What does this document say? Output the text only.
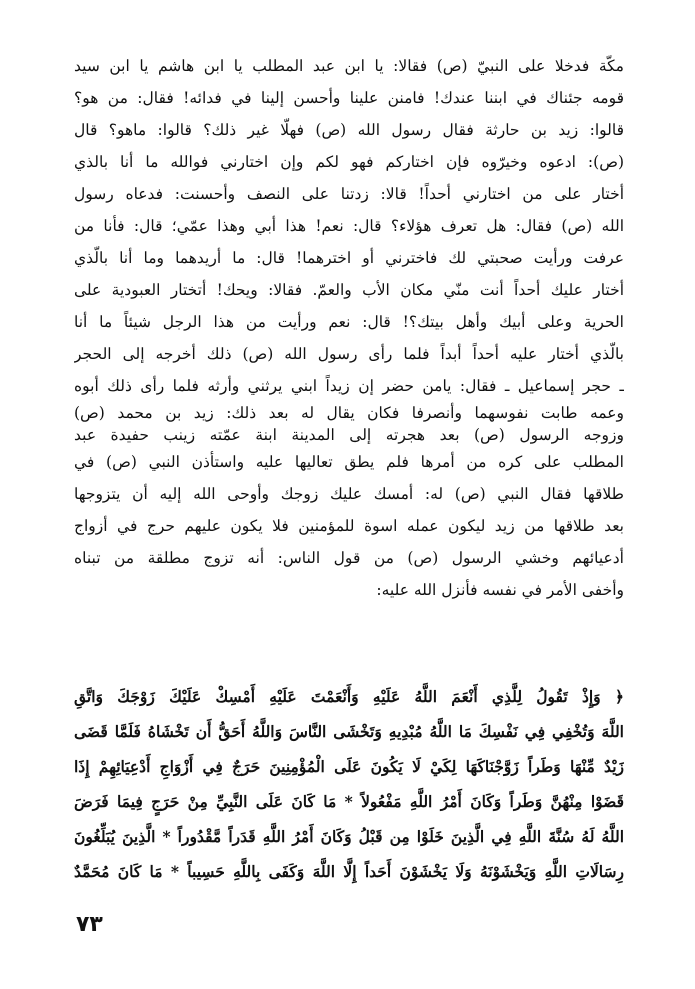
مكّة فدخلا على النبيّ (ص) فقالا: يا ابن عبد المطلب يا ابن هاشم يا ابن سيد
قومه جئناك في ابننا عندك! فامنن علينا وأحسن إلينا في فدائه! فقال: من هو؟
قالوا: زيد بن حارثة فقال رسول الله (ص) فهلّا غير ذلك؟ قالوا: ماهو؟ قال
(ص): ادعوه وخيرّوه فإن اختاركم فهو لكم وإن اختارني فوالله ما أنا بالذي
أختار على من اختارني أحداً! قالا: زدتنا على النصف وأحسنت: فدعاه رسول
الله (ص) فقال: هل تعرف هؤلاء؟ قال: نعم! هذا أبي وهذا عمّي؛ قال: فأنا من
عرفت ورأيت صحبتي لك فاخترني أو اخترهما! قال: ما أريدهما وما أنا بالّذي
أختار عليك أحداً أنت منّي مكان الأب والعمّ. فقالا: ويحك! أتختار العبودية على
الحرية وعلى أبيك وأهل بيتك؟! قال: نعم ورأيت من هذا الرجل شيئاً ما أنا
بالّذي أختار عليه أحداً أبداً فلما رأى رسول الله (ص) ذلك أخرجه إلى الحجر
ـ حجر إسماعيل ـ فقال: يامن حضر إن زيداً ابني يرثني وأرثه فلما رأى ذلك أبوه
وعمه طابت نفوسهما وأنصرفا فكان يقال له بعد ذلك: زيد بن محمد (ص)
وزوجه الرسول (ص) بعد هجرته إلى المدينة ابنة عمّته زينب حفيدة عبد
المطلب على كره من أمرها فلم يطق تعاليها عليه واستأذن النبي (ص) في
طلاقها فقال النبي (ص) له: أمسك عليك زوجك وأوحى الله إليه أن يتزوجها
بعد طلاقها من زيد ليكون عمله اسوة للمؤمنين فلا يكون عليهم حرج في أزواج
أدعيائهم وخشي الرسول (ص) من قول الناس: أنه تزوج مطلقة من تبناه
وأخفى الأمر في نفسه فأنزل الله عليه:
﴿ وَإِذْ تَقُولُ لِلَّذِي أَنْعَمَ اللَّهُ عَلَيْهِ وَأَنْعَمْتَ عَلَيْهِ أَمْسِكْ عَلَيْكَ زَوْجَكَ وَاتَّقِ
اللَّهَ وَتُخْفِي فِي نَفْسِكَ مَا اللَّهُ مُبْدِيهِ وَتَخْشَى النَّاسَ وَاللَّهُ أَحَقُّ أَن تَخْشَاهُ فَلَمَّا قَضَى
زَيْدٌ مِّنْهَا وَطَراً زَوَّجْنَاكَهَا لِكَيْ لَا يَكُونَ عَلَى الْمُؤْمِنِينَ حَرَجٌ فِي أَزْوَاجِ أَدْعِيَائِهِمْ إِذَا
قَضَوْا مِنْهُنَّ وَطَراً وَكَانَ أَمْرُ اللَّهِ مَفْعُولاً * مَا كَانَ عَلَى النَّبِيِّ مِنْ حَرَجٍ فِيمَا فَرَضَ
اللَّهُ لَهُ سُنَّةَ اللَّهِ فِي الَّذِينَ خَلَوْا مِن قَبْلُ وَكَانَ أَمْرُ اللَّهِ قَدَراً مَّقْدُوراً * الَّذِينَ يُبَلِّغُونَ
رِسَالَاتِ اللَّهِ وَيَخْشَوْنَهُ وَلَا يَخْشَوْنَ أَحَداً إِلَّا اللَّهَ وَكَفَى بِاللَّهِ حَسِيباً * مَا كَانَ مُحَمَّدٌ
٧٣
